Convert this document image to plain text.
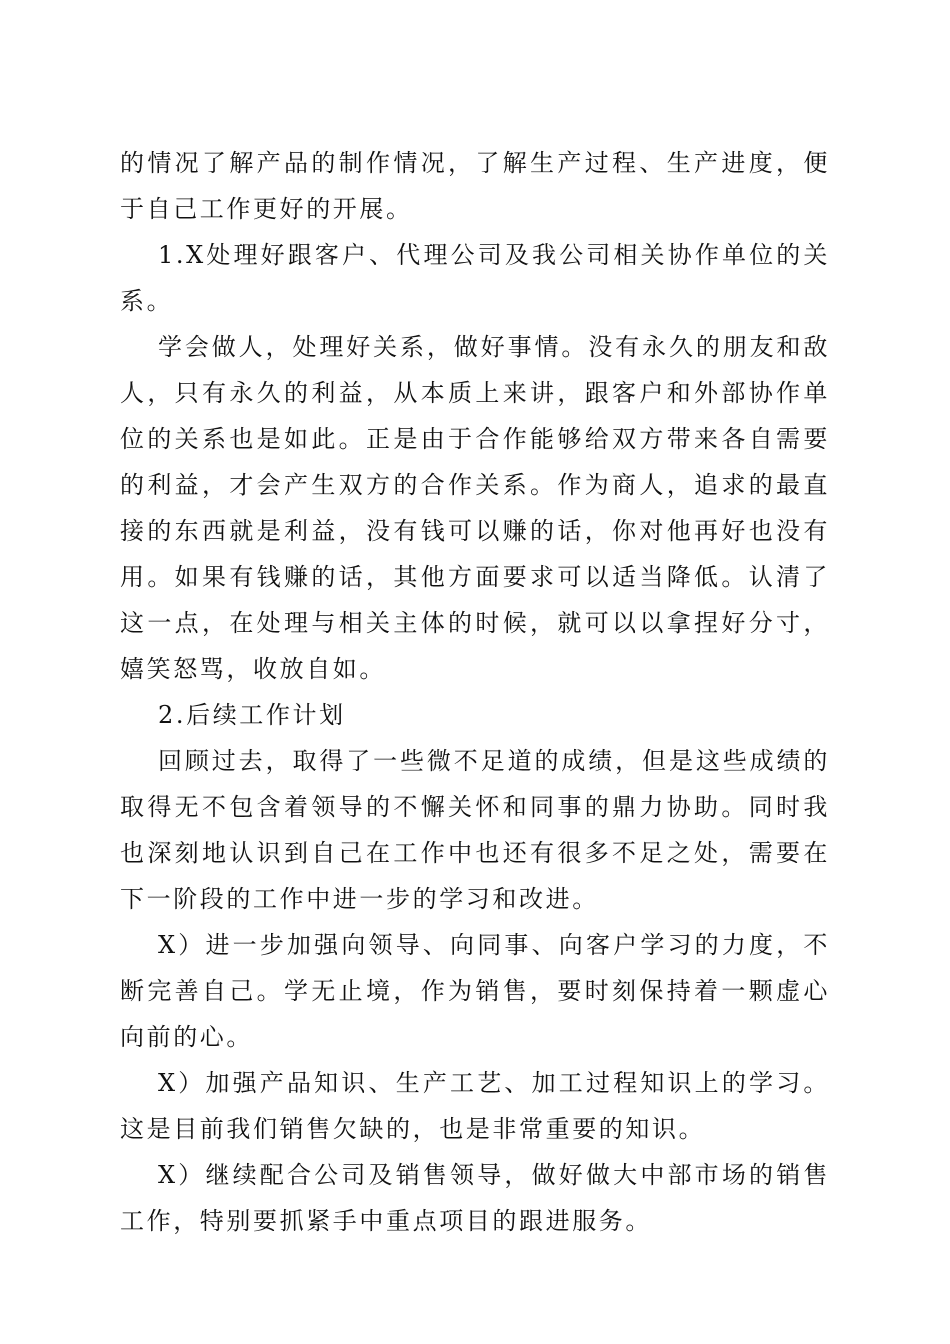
的情况了解产品的制作情况，了解生产过程、生产进度，便于自己工作更好的开展。

1.X处理好跟客户、代理公司及我公司相关协作单位的关系。

学会做人，处理好关系，做好事情。没有永久的朋友和敌人，只有永久的利益，从本质上来讲，跟客户和外部协作单位的关系也是如此。正是由于合作能够给双方带来各自需要的利益，才会产生双方的合作关系。作为商人，追求的最直接的东西就是利益，没有钱可以赚的话，你对他再好也没有用。如果有钱赚的话，其他方面要求可以适当降低。认清了这一点，在处理与相关主体的时候，就可以以拿捏好分寸，嬉笑怒骂，收放自如。

2.后续工作计划

回顾过去，取得了一些微不足道的成绩，但是这些成绩的取得无不包含着领导的不懈关怀和同事的鼎力协助。同时我也深刻地认识到自己在工作中也还有很多不足之处，需要在下一阶段的工作中进一步的学习和改进。

X）进一步加强向领导、向同事、向客户学习的力度，不断完善自己。学无止境，作为销售，要时刻保持着一颗虚心向前的心。

X）加强产品知识、生产工艺、加工过程知识上的学习。这是目前我们销售欠缺的，也是非常重要的知识。

X）继续配合公司及销售领导，做好做大中部市场的销售工作，特别要抓紧手中重点项目的跟进服务。
